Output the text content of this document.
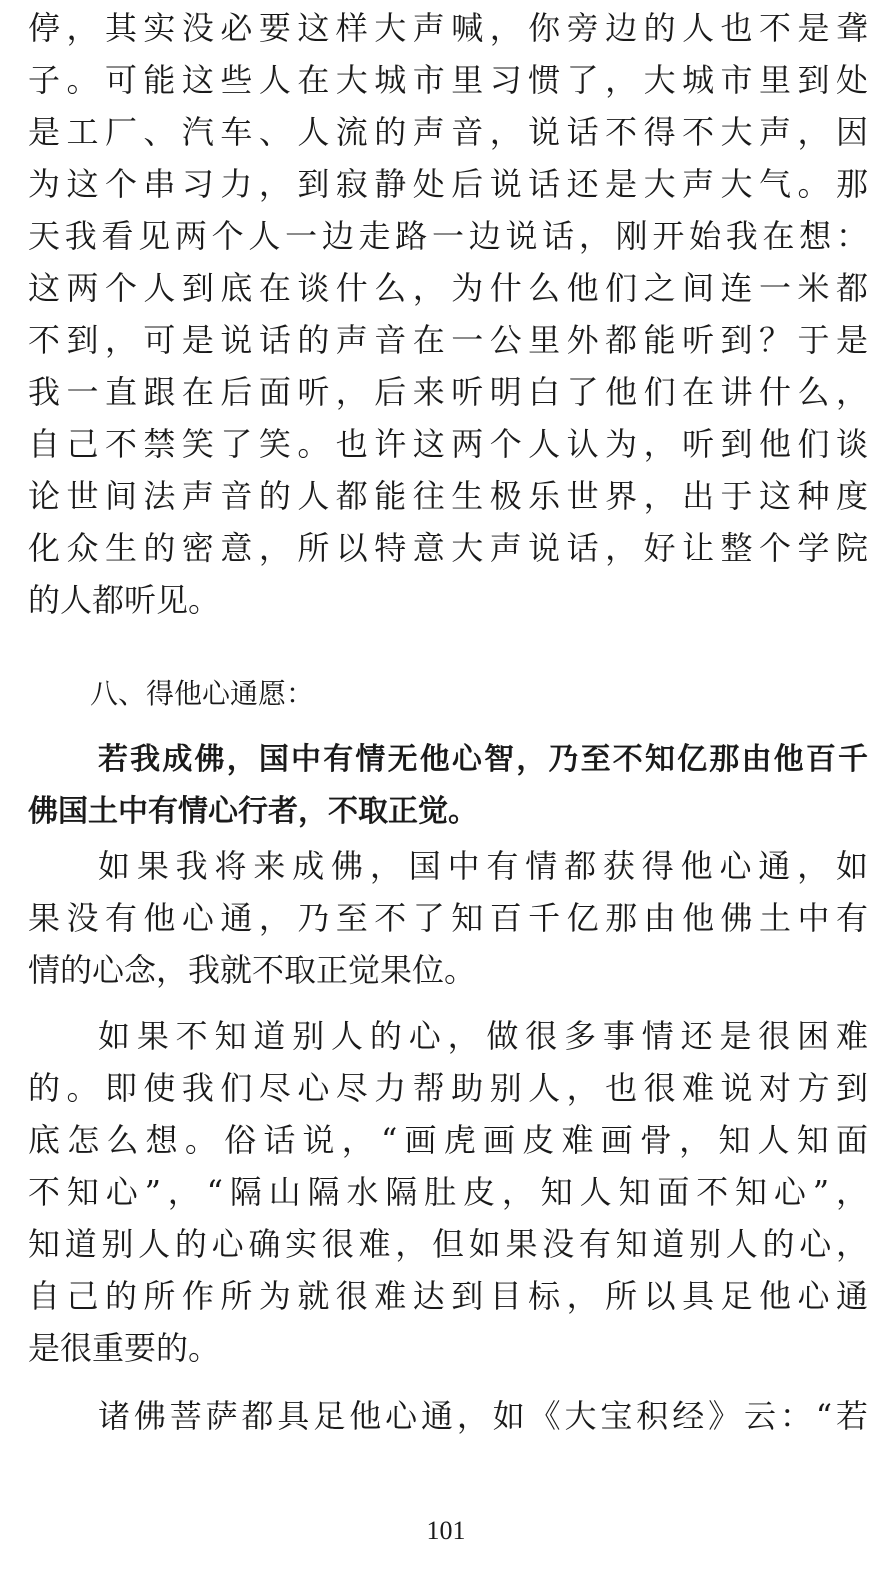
停，其实没必要这样大声喊，你旁边的人也不是聋
子。可能这些人在大城市里习惯了，大城市里到处
是工厂、汽车、人流的声音，说话不得不大声，因
为这个串习力，到寂静处后说话还是大声大气。那
天我看见两个人一边走路一边说话，刚开始我在想：
这两个人到底在谈什么，为什么他们之间连一米都
不到，可是说话的声音在一公里外都能听到？于是
我一直跟在后面听，后来听明白了他们在讲什么，
自己不禁笑了笑。也许这两个人认为，听到他们谈
论世间法声音的人都能往生极乐世界，出于这种度
化众生的密意，所以特意大声说话，好让整个学院
的人都听见。
八、得他心通愿：
若我成佛，国中有情无他心智，乃至不知亿那由他百千
佛国土中有情心行者，不取正觉。
如果我将来成佛，国中有情都获得他心通，如
果没有他心通，乃至不了知百千亿那由他佛土中有
情的心念，我就不取正觉果位。
如果不知道别人的心，做很多事情还是很困难
的。即使我们尽心尽力帮助别人，也很难说对方到
底怎么想。俗话说，“画虎画皮难画骨，知人知面
不知心”，“隔山隔水隔肚皮，知人知面不知心”，
知道别人的心确实很难，但如果没有知道别人的心，
自己的所作所为就很难达到目标，所以具足他心通
是很重要的。
诸佛菩萨都具足他心通，如《大宝积经》云：“若
101
